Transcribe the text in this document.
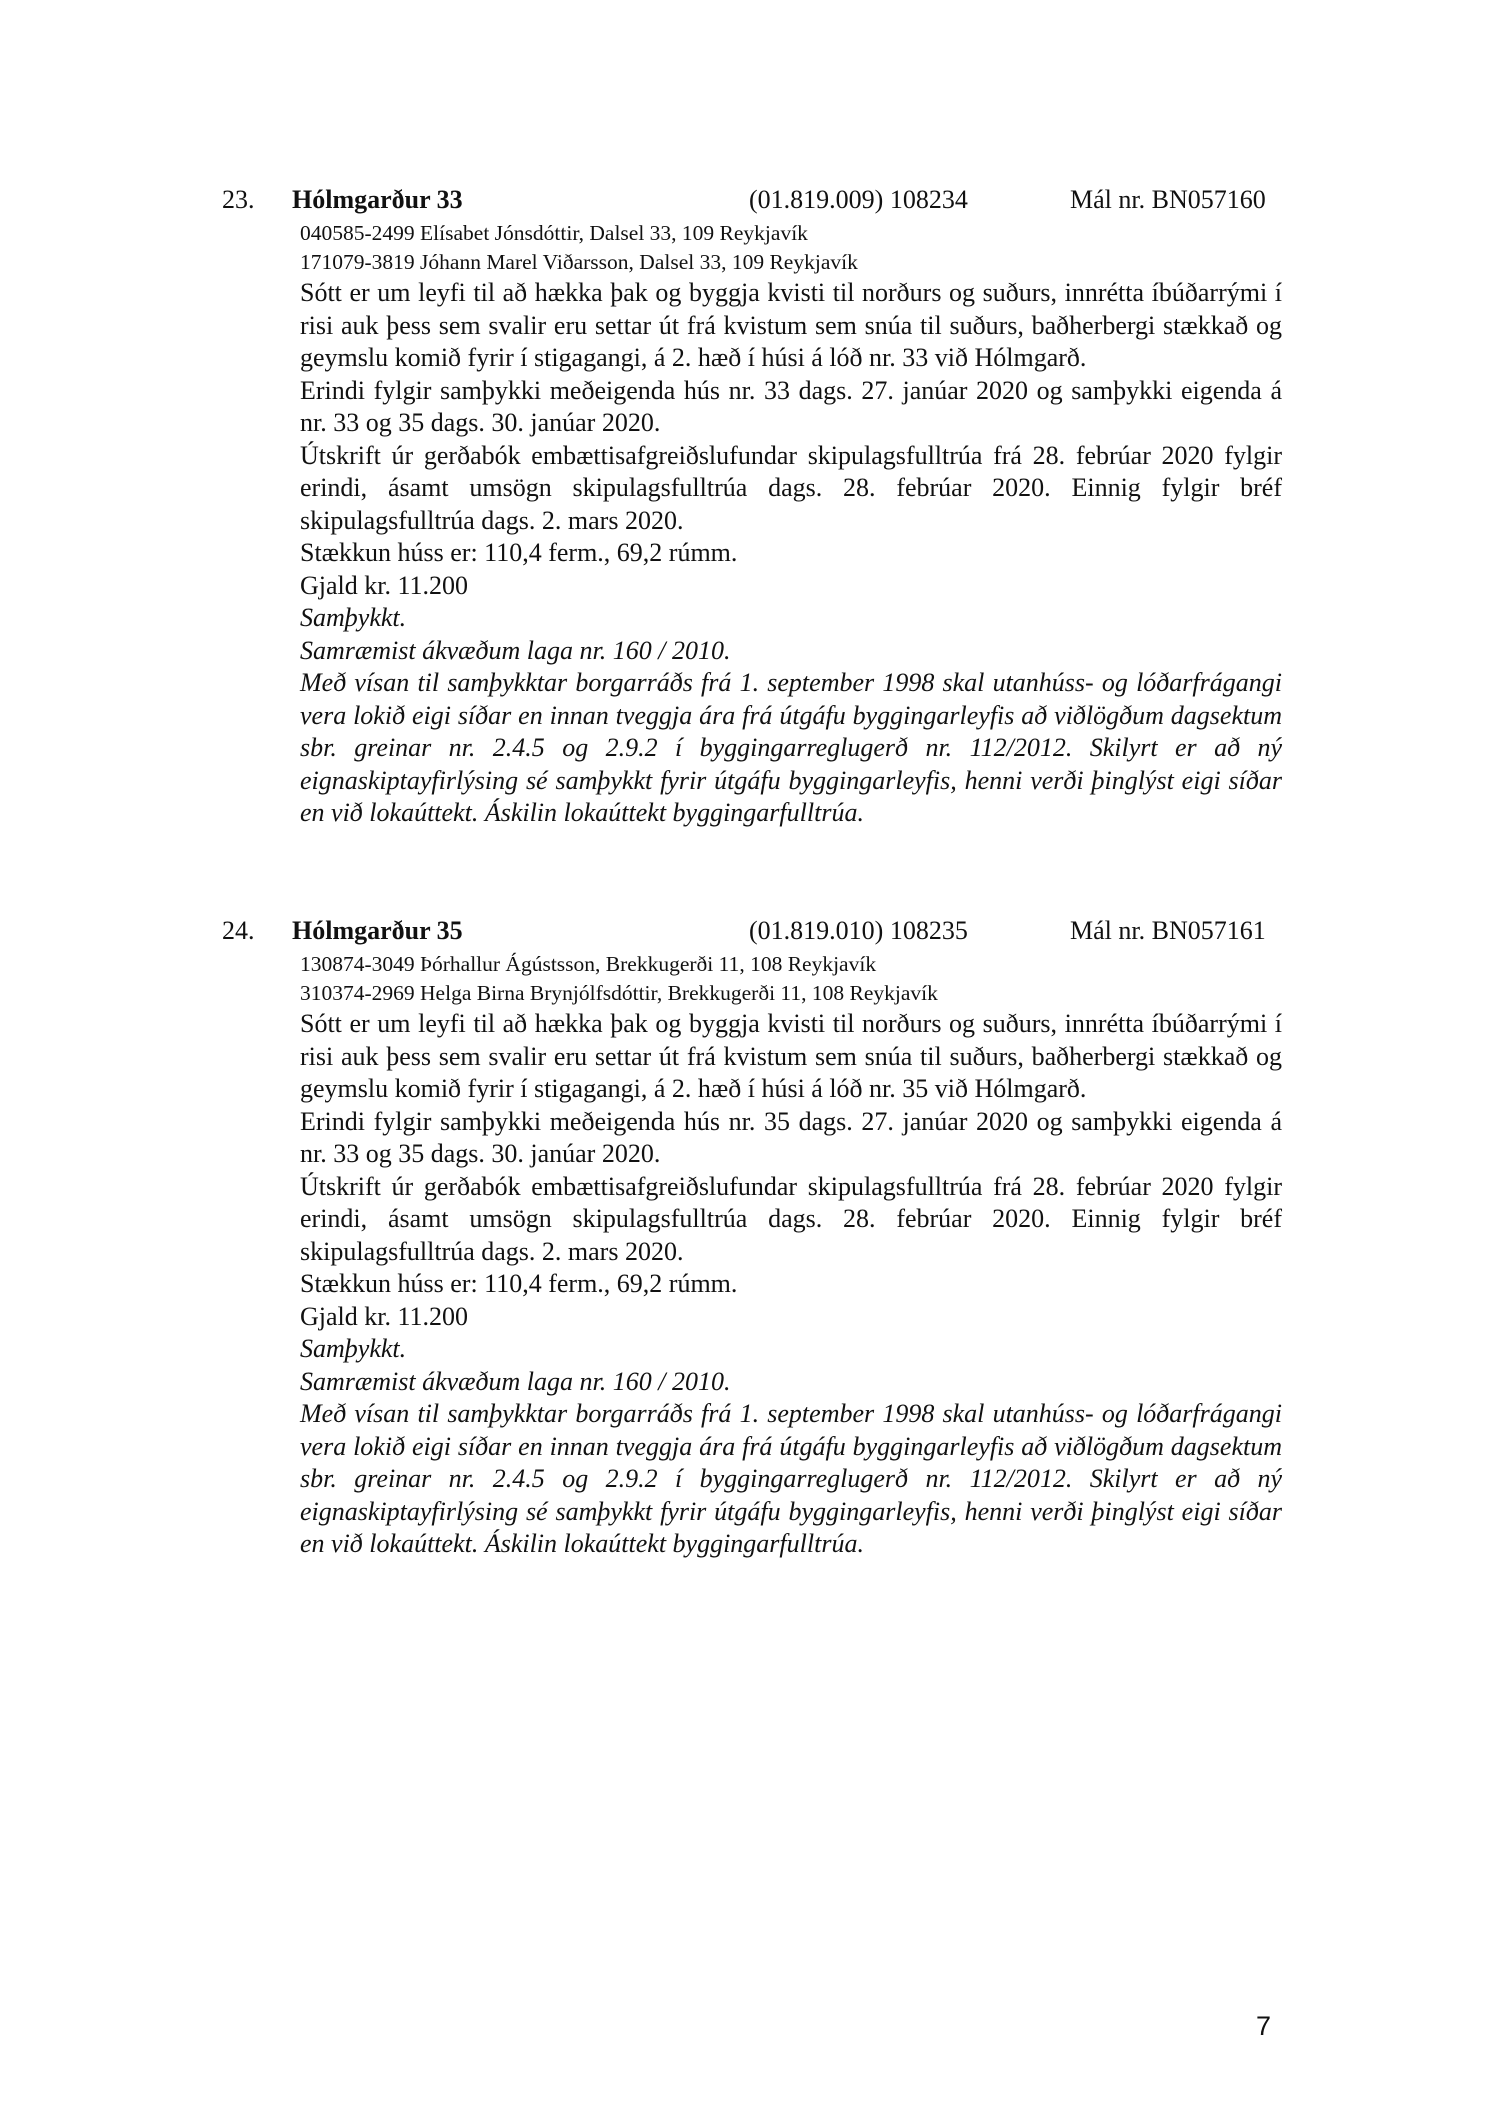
23. Hólmgarður 33	(01.819.009) 108234	Mál nr. BN057160

040585-2499 Elísabet Jónsdóttir, Dalsel 33, 109 Reykjavík

171079-3819 Jóhann Marel Viðarsson, Dalsel 33, 109 Reykjavík

Sótt er um leyfi til að hækka þak og byggja kvisti til norðurs og suðurs, innrétta íbúðarrými í risi auk þess sem svalir eru settar út frá kvistum sem snúa til suðurs, baðherbergi stækkað og geymslu komið fyrir í stigagangi, á 2. hæð í húsi á lóð nr. 33 við Hólmgarð.

Erindi fylgir samþykki meðeigenda hús nr. 33 dags. 27. janúar 2020 og samþykki eigenda á nr. 33 og 35 dags. 30. janúar 2020.

Útskrift úr gerðabók embættisafgreiðslufundar skipulagsfulltrúa frá 28. febrúar 2020 fylgir erindi, ásamt umsögn skipulagsfulltrúa dags. 28. febrúar 2020. Einnig fylgir bréf skipulagsfulltrúa dags. 2. mars 2020.

Stækkun húss er: 110,4 ferm., 69,2 rúmm.

Gjald kr. 11.200

Samþykkt.

Samræmist ákvæðum laga nr. 160 / 2010.

Með vísan til samþykktar borgarráðs frá 1. september 1998 skal utanhúss- og lóðarfrágangi vera lokið eigi síðar en innan tveggja ára frá útgáfu byggingarleyfis að viðlögðum dagsektum sbr. greinar nr. 2.4.5 og 2.9.2 í byggingarreglugerð nr. 112/2012. Skilyrt er að ný eignaskiptayfirlýsing sé samþykkt fyrir útgáfu byggingarleyfis, henni verði þinglýst eigi síðar en við lokaúttekt. Áskilin lokaúttekt byggingarfulltrúa.

24. Hólmgarður 35	(01.819.010) 108235	Mál nr. BN057161

130874-3049 Þórhallur Ágústsson, Brekkugerði 11, 108 Reykjavík

310374-2969 Helga Birna Brynjólfsdóttir, Brekkugerði 11, 108 Reykjavík

Sótt er um leyfi til að hækka þak og byggja kvisti til norðurs og suðurs, innrétta íbúðarrými í risi auk þess sem svalir eru settar út frá kvistum sem snúa til suðurs, baðherbergi stækkað og geymslu komið fyrir í stigagangi, á 2. hæð í húsi á lóð nr. 35 við Hólmgarð.

Erindi fylgir samþykki meðeigenda hús nr. 35 dags. 27. janúar 2020 og samþykki eigenda á nr. 33 og 35 dags. 30. janúar 2020.

Útskrift úr gerðabók embættisafgreiðslufundar skipulagsfulltrúa frá 28. febrúar 2020 fylgir erindi, ásamt umsögn skipulagsfulltrúa dags. 28. febrúar 2020. Einnig fylgir bréf skipulagsfulltrúa dags. 2. mars 2020.

Stækkun húss er: 110,4 ferm., 69,2 rúmm.

Gjald kr. 11.200

Samþykkt.

Samræmist ákvæðum laga nr. 160 / 2010.

Með vísan til samþykktar borgarráðs frá 1. september 1998 skal utanhúss- og lóðarfrágangi vera lokið eigi síðar en innan tveggja ára frá útgáfu byggingarleyfis að viðlögðum dagsektum sbr. greinar nr. 2.4.5 og 2.9.2 í byggingarreglugerð nr. 112/2012. Skilyrt er að ný eignaskiptayfirlýsing sé samþykkt fyrir útgáfu byggingarleyfis, henni verði þinglýst eigi síðar en við lokaúttekt. Áskilin lokaúttekt byggingarfulltrúa.

7
